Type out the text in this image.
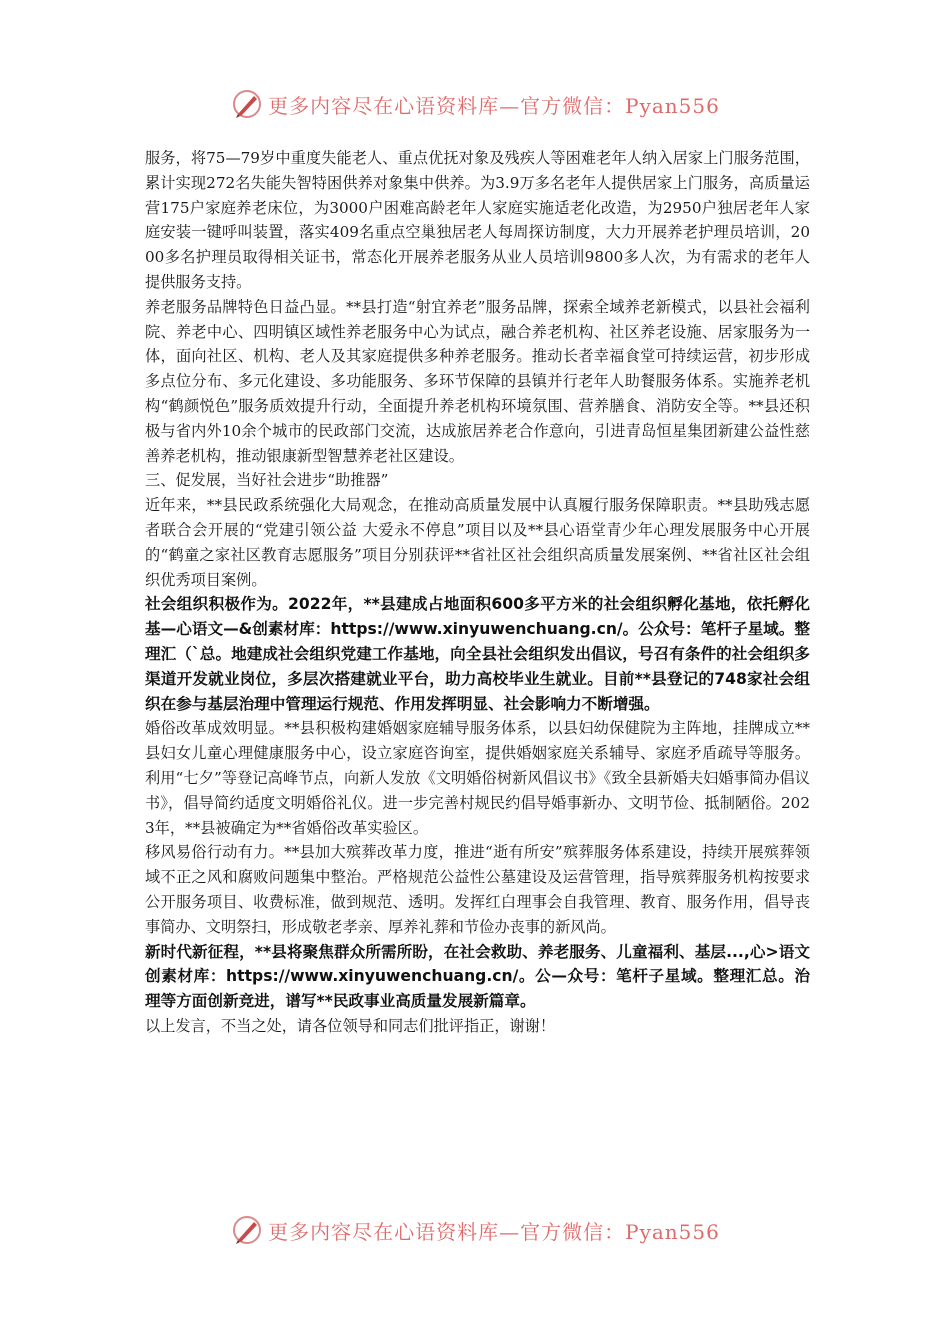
更多内容尽在心语资料库—官方微信：Pyan556

服务，将75—79岁中重度失能老人、重点优抚对象及残疾人等困难老年人纳入居家上门服务范围，累计实现272名失能失智特困供养对象集中供养。为3.9万多名老年人提供居家上门服务，高质量运营175户家庭养老床位，为3000户困难高龄老年人家庭实施适老化改造，为2950户独居老年人家庭安装一键呼叫装置，落实409名重点空巢独居老人每周探访制度，大力开展养老护理员培训，2000多名护理员取得相关证书，常态化开展养老服务从业人员培训9800多人次，为有需求的老年人提供服务支持。

养老服务品牌特色日益凸显。**县打造“射宜养老”服务品牌，探索全域养老新模式，以县社会福利院、养老中心、四明镇区域性养老服务中心为试点，融合养老机构、社区养老设施、居家服务为一体，面向社区、机构、老人及其家庭提供多种养老服务。推动长者幸福食堂可持续运营，初步形成多点位分布、多元化建设、多功能服务、多环节保障的县镇并行老年人助餐服务体系。实施养老机构“鹤颜悦色”服务质效提升行动，全面提升养老机构环境氛围、营养膳食、消防安全等。**县还积极与省内外10余个城市的民政部门交流，达成旅居养老合作意向，引进青岛恒星集团新建公益性慈善养老机构，推动银康新型智慧养老社区建设。

三、促发展，当好社会进步“助推器”

近年来，**县民政系统强化大局观念，在推动高质量发展中认真履行服务保障职责。**县助残志愿者联合会开展的“党建引领公益 大爱永不停息”项目以及**县心语堂青少年心理发展服务中心开展的“鹤童之家社区教育志愿服务”项目分别获评**省社区社会组织高质量发展案例、**省社区社会组织优秀项目案例。

社会组织积极作为。2022年，**县建成占地面积600多平方米的社会组织孵化基地，依托孵化基—心语文—&创素材库：https://www.xinyuwenchuang.cn/。公众号：笔杆子星域。整理汇（`总。地建成社会组织党建工作基地，向全县社会组织发出倡议，号召有条件的社会组织多渠道开发就业岗位，多层次搭建就业平台，助力高校毕业生就业。目前**县登记的748家社会组织在参与基层治理中管理运行规范、作用发挥明显、社会影响力不断增强。

婚俗改革成效明显。**县积极构建婚姻家庭辅导服务体系，以县妇幼保健院为主阵地，挂牌成立**县妇女儿童心理健康服务中心，设立家庭咨询室，提供婚姻家庭关系辅导、家庭矛盾疏导等服务。利用“七夕”等登记高峰节点，向新人发放《文明婚俗树新风倡议书》《致全县新婚夫妇婚事简办倡议书》，倡导简约适度文明婚俗礼仪。进一步完善村规民约倡导婚事新办、文明节俭、抵制陋俗。2023年，**县被确定为**省婚俗改革实验区。

移风易俗行动有力。**县加大殡葬改革力度，推进“逝有所安”殡葬服务体系建设，持续开展殡葬领域不正之风和腐败问题集中整治。严格规范公益性公墓建设及运营管理，指导殡葬服务机构按要求公开服务项目、收费标准，做到规范、透明。发挥红白理事会自我管理、教育、服务作用，倡导丧事简办、文明祭扫，形成敬老孝亲、厚养礼葬和节俭办丧事的新风尚。

新时代新征程，**县将聚焦群众所需所盼，在社会救助、养老服务、儿童福利、基层...,心>语文创素材库：https://www.xinyuwenchuang.cn/。公—众号：笔杆子星域。整理汇总。治理等方面创新竞进，谱写**民政事业高质量发展新篇章。

以上发言，不当之处，请各位领导和同志们批评指正，谢谢！

更多内容尽在心语资料库—官方微信：Pyan556
